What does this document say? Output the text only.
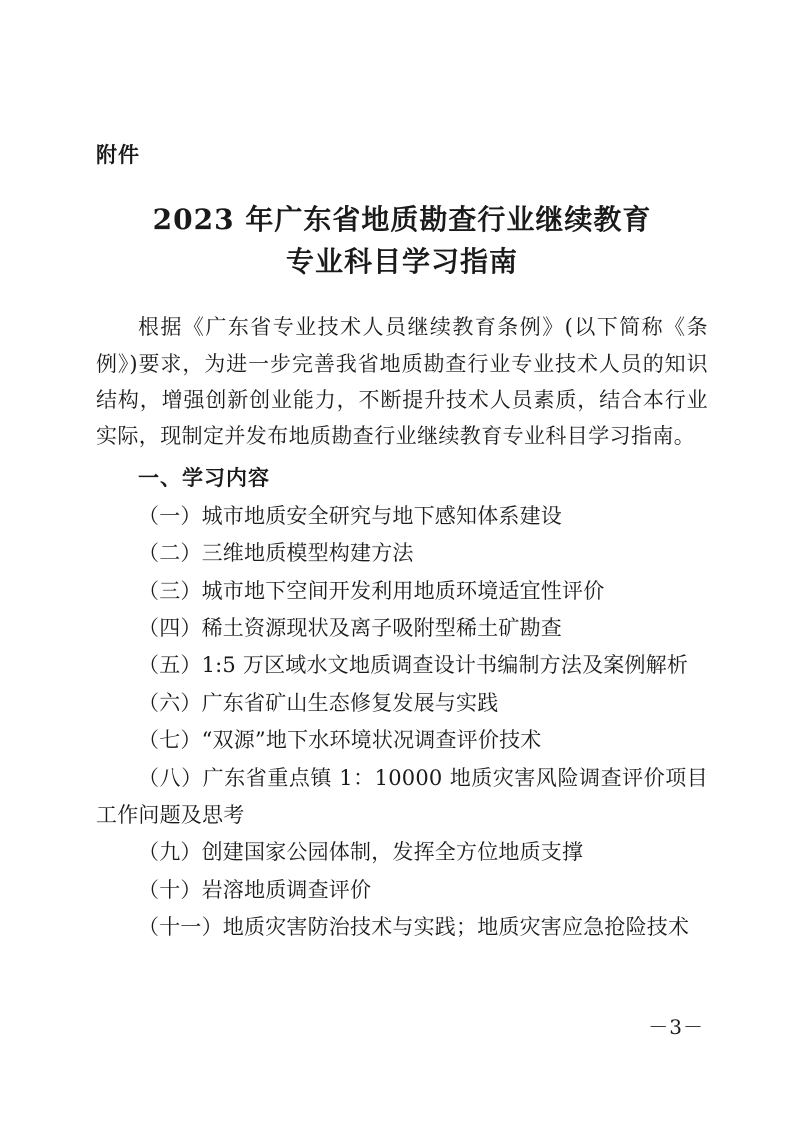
附件
2023 年广东省地质勘查行业继续教育
专业科目学习指南

根据《广东省专业技术人员继续教育条例》(以下简称《条例》)要求，为进一步完善我省地质勘查行业专业技术人员的知识结构，增强创新创业能力，不断提升技术人员素质，结合本行业实际，现制定并发布地质勘查行业继续教育专业科目学习指南。

一、学习内容

（一）城市地质安全研究与地下感知体系建设

（二）三维地质模型构建方法

（三）城市地下空间开发利用地质环境适宜性评价

（四）稀土资源现状及离子吸附型稀土矿勘查

（五）1:5 万区域水文地质调查设计书编制方法及案例解析

（六）广东省矿山生态修复发展与实践

（七）“双源”地下水环境状况调查评价技术

（八）广东省重点镇 1：10000 地质灾害风险调查评价项目工作问题及思考

（九）创建国家公园体制，发挥全方位地质支撑

（十）岩溶地质调查评价

（十一）地质灾害防治技术与实践；地质灾害应急抢险技术

－3－
